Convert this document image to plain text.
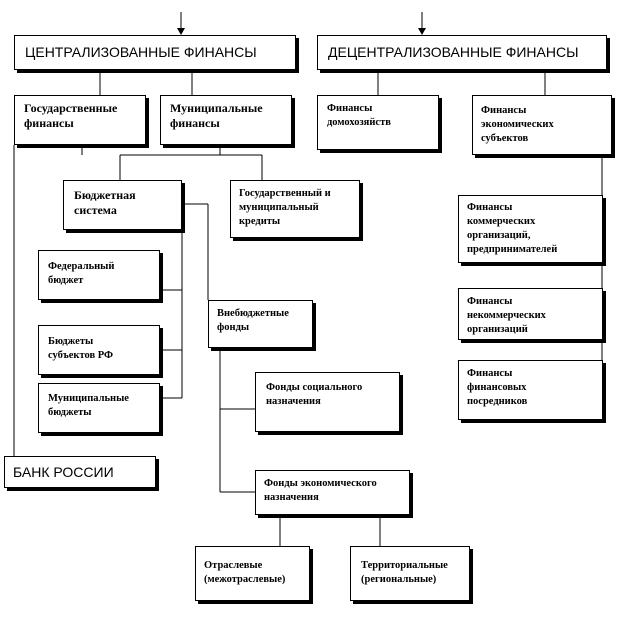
ЦЕНТРАЛИЗОВАННЫЕ ФИНАНСЫ	ДЕЦЕНТРАЛИЗОВАННЫЕ ФИНАНСЫ
Государственные
финансы
Муниципальные
финансы
Финансы
домохозяйств
Финансы
экономических
субъектов
Бюджетная
система
Государственный и
муниципальный
кредиты
Финансы
коммерческих
организаций,
предпринимателей
Федеральный
бюджет
Внебюджетные
фонды
Финансы
некоммерческих
организаций
Бюджеты
субъектов РФ
Финансы
финансовых
посредников
Муниципальные
бюджеты
Фонды социального
назначения
БАНК РОССИИ
Фонды экономического
назначения
Отраслевые
(межотраслевые)
Территориальные
(региональные)
